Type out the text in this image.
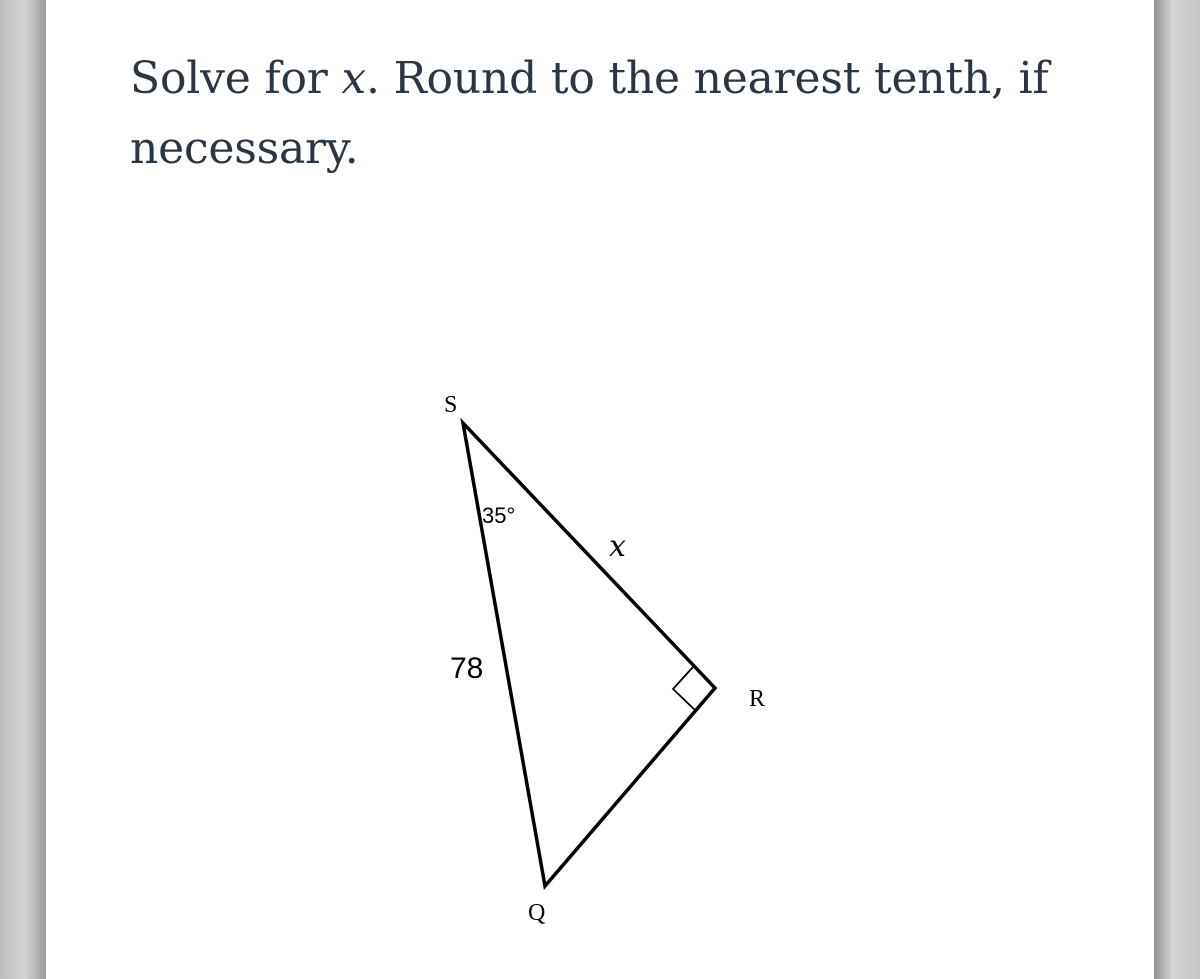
Solve for x. Round to the nearest tenth, if necessary.

S
R
Q
35°
78
x
